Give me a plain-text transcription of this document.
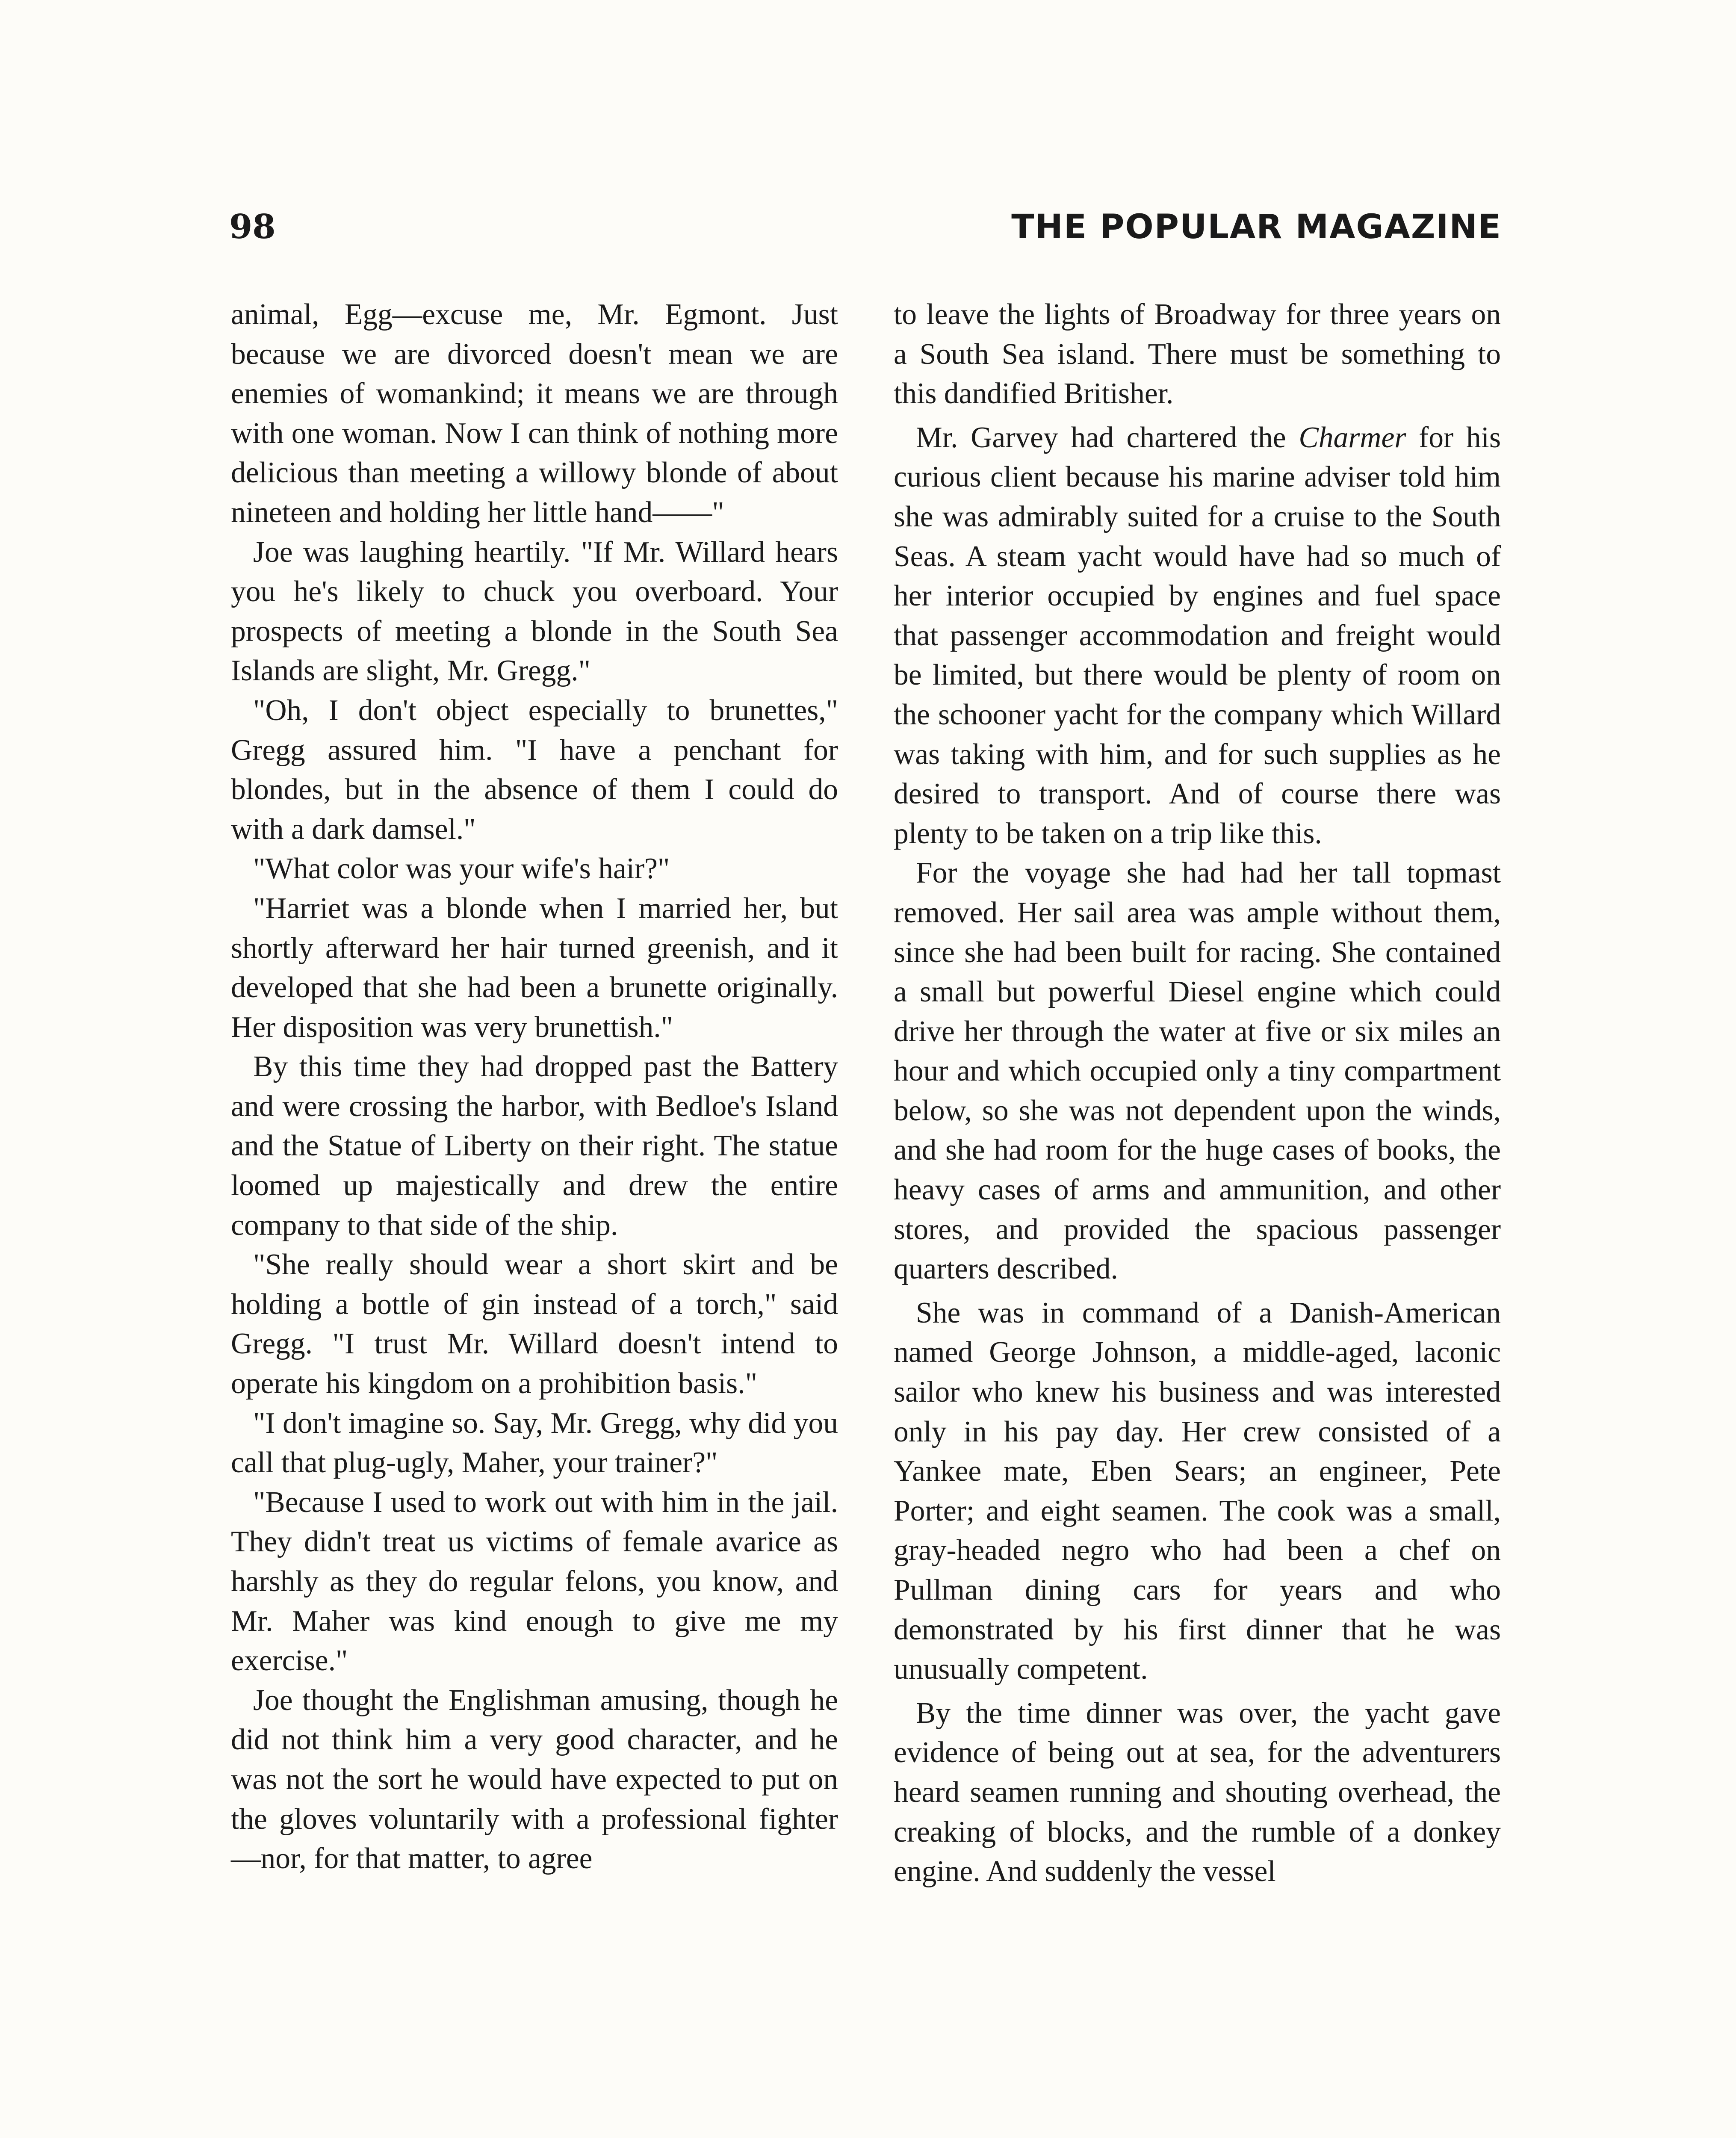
98	THE POPULAR MAGAZINE

animal, Egg—excuse me, Mr. Egmont. Just because we are divorced doesn't mean we are enemies of womankind; it means we are through with one woman. Now I can think of nothing more delicious than meeting a willowy blonde of about nineteen and holding her little hand——"

Joe was laughing heartily. "If Mr. Willard hears you he's likely to chuck you overboard. Your prospects of meeting a blonde in the South Sea Islands are slight, Mr. Gregg."

"Oh, I don't object especially to brunettes," Gregg assured him. "I have a penchant for blondes, but in the absence of them I could do with a dark damsel."

"What color was your wife's hair?"

"Harriet was a blonde when I married her, but shortly afterward her hair turned greenish, and it developed that she had been a brunette originally. Her disposition was very brunettish."

By this time they had dropped past the Battery and were crossing the harbor, with Bedloe's Island and the Statue of Liberty on their right. The statue loomed up majestically and drew the entire company to that side of the ship.

"She really should wear a short skirt and be holding a bottle of gin instead of a torch," said Gregg. "I trust Mr. Willard doesn't intend to operate his kingdom on a prohibition basis."

"I don't imagine so. Say, Mr. Gregg, why did you call that plug-ugly, Maher, your trainer?"

"Because I used to work out with him in the jail. They didn't treat us victims of female avarice as harshly as they do regular felons, you know, and Mr. Maher was kind enough to give me my exercise."

Joe thought the Englishman amusing, though he did not think him a very good character, and he was not the sort he would have expected to put on the gloves voluntarily with a professional fighter—nor, for that matter, to agree

to leave the lights of Broadway for three years on a South Sea island. There must be something to this dandified Britisher.

Mr. Garvey had chartered the Charmer for his curious client because his marine adviser told him she was admirably suited for a cruise to the South Seas. A steam yacht would have had so much of her interior occupied by engines and fuel space that passenger accommodation and freight would be limited, but there would be plenty of room on the schooner yacht for the company which Willard was taking with him, and for such supplies as he desired to transport. And of course there was plenty to be taken on a trip like this.

For the voyage she had had her tall topmast removed. Her sail area was ample without them, since she had been built for racing. She contained a small but powerful Diesel engine which could drive her through the water at five or six miles an hour and which occupied only a tiny compartment below, so she was not dependent upon the winds, and she had room for the huge cases of books, the heavy cases of arms and ammunition, and other stores, and provided the spacious passenger quarters described.

She was in command of a Danish-American named George Johnson, a middle-aged, laconic sailor who knew his business and was interested only in his pay day. Her crew consisted of a Yankee mate, Eben Sears; an engineer, Pete Porter; and eight seamen. The cook was a small, gray-headed negro who had been a chef on Pullman dining cars for years and who demonstrated by his first dinner that he was unusually competent.

By the time dinner was over, the yacht gave evidence of being out at sea, for the adventurers heard seamen running and shouting overhead, the creaking of blocks, and the rumble of a donkey engine. And suddenly the vessel
